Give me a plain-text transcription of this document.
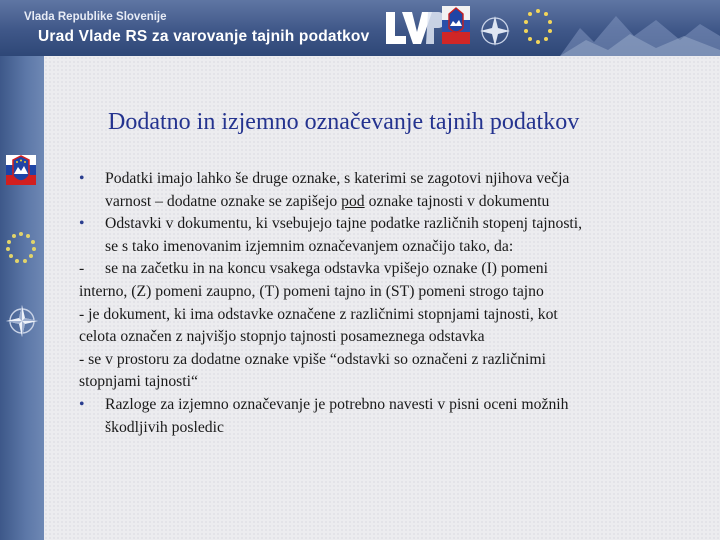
Vlada Republike Slovenije
Urad Vlade RS za varovanje tajnih podatkov
Dodatno in izjemno označevanje tajnih podatkov
• Podatki imajo lahko še druge oznake, s katerimi se zagotovi njihova večja
varnost – dodatne oznake se zapišejo pod oznake tajnosti v dokumentu
• Odstavki v dokumentu, ki vsebujejo tajne podatke različnih stopenj tajnosti,
se s tako imenovanim izjemnim označevanjem označijo tako, da:
- se na začetku in na koncu vsakega odstavka vpišejo oznake (I) pomeni
interno, (Z) pomeni zaupno, (T) pomeni tajno in (ST) pomeni strogo tajno
- je dokument, ki ima odstavke označene z različnimi stopnjami tajnosti, kot
celota označen z najvišjo stopnjo tajnosti posameznega odstavka
- se v prostoru za dodatne oznake vpiše “odstavki so označeni z različnimi
stopnjami tajnosti“
• Razloge za izjemno označevanje je potrebno navesti v pisni oceni možnih
škodljivih posledic
